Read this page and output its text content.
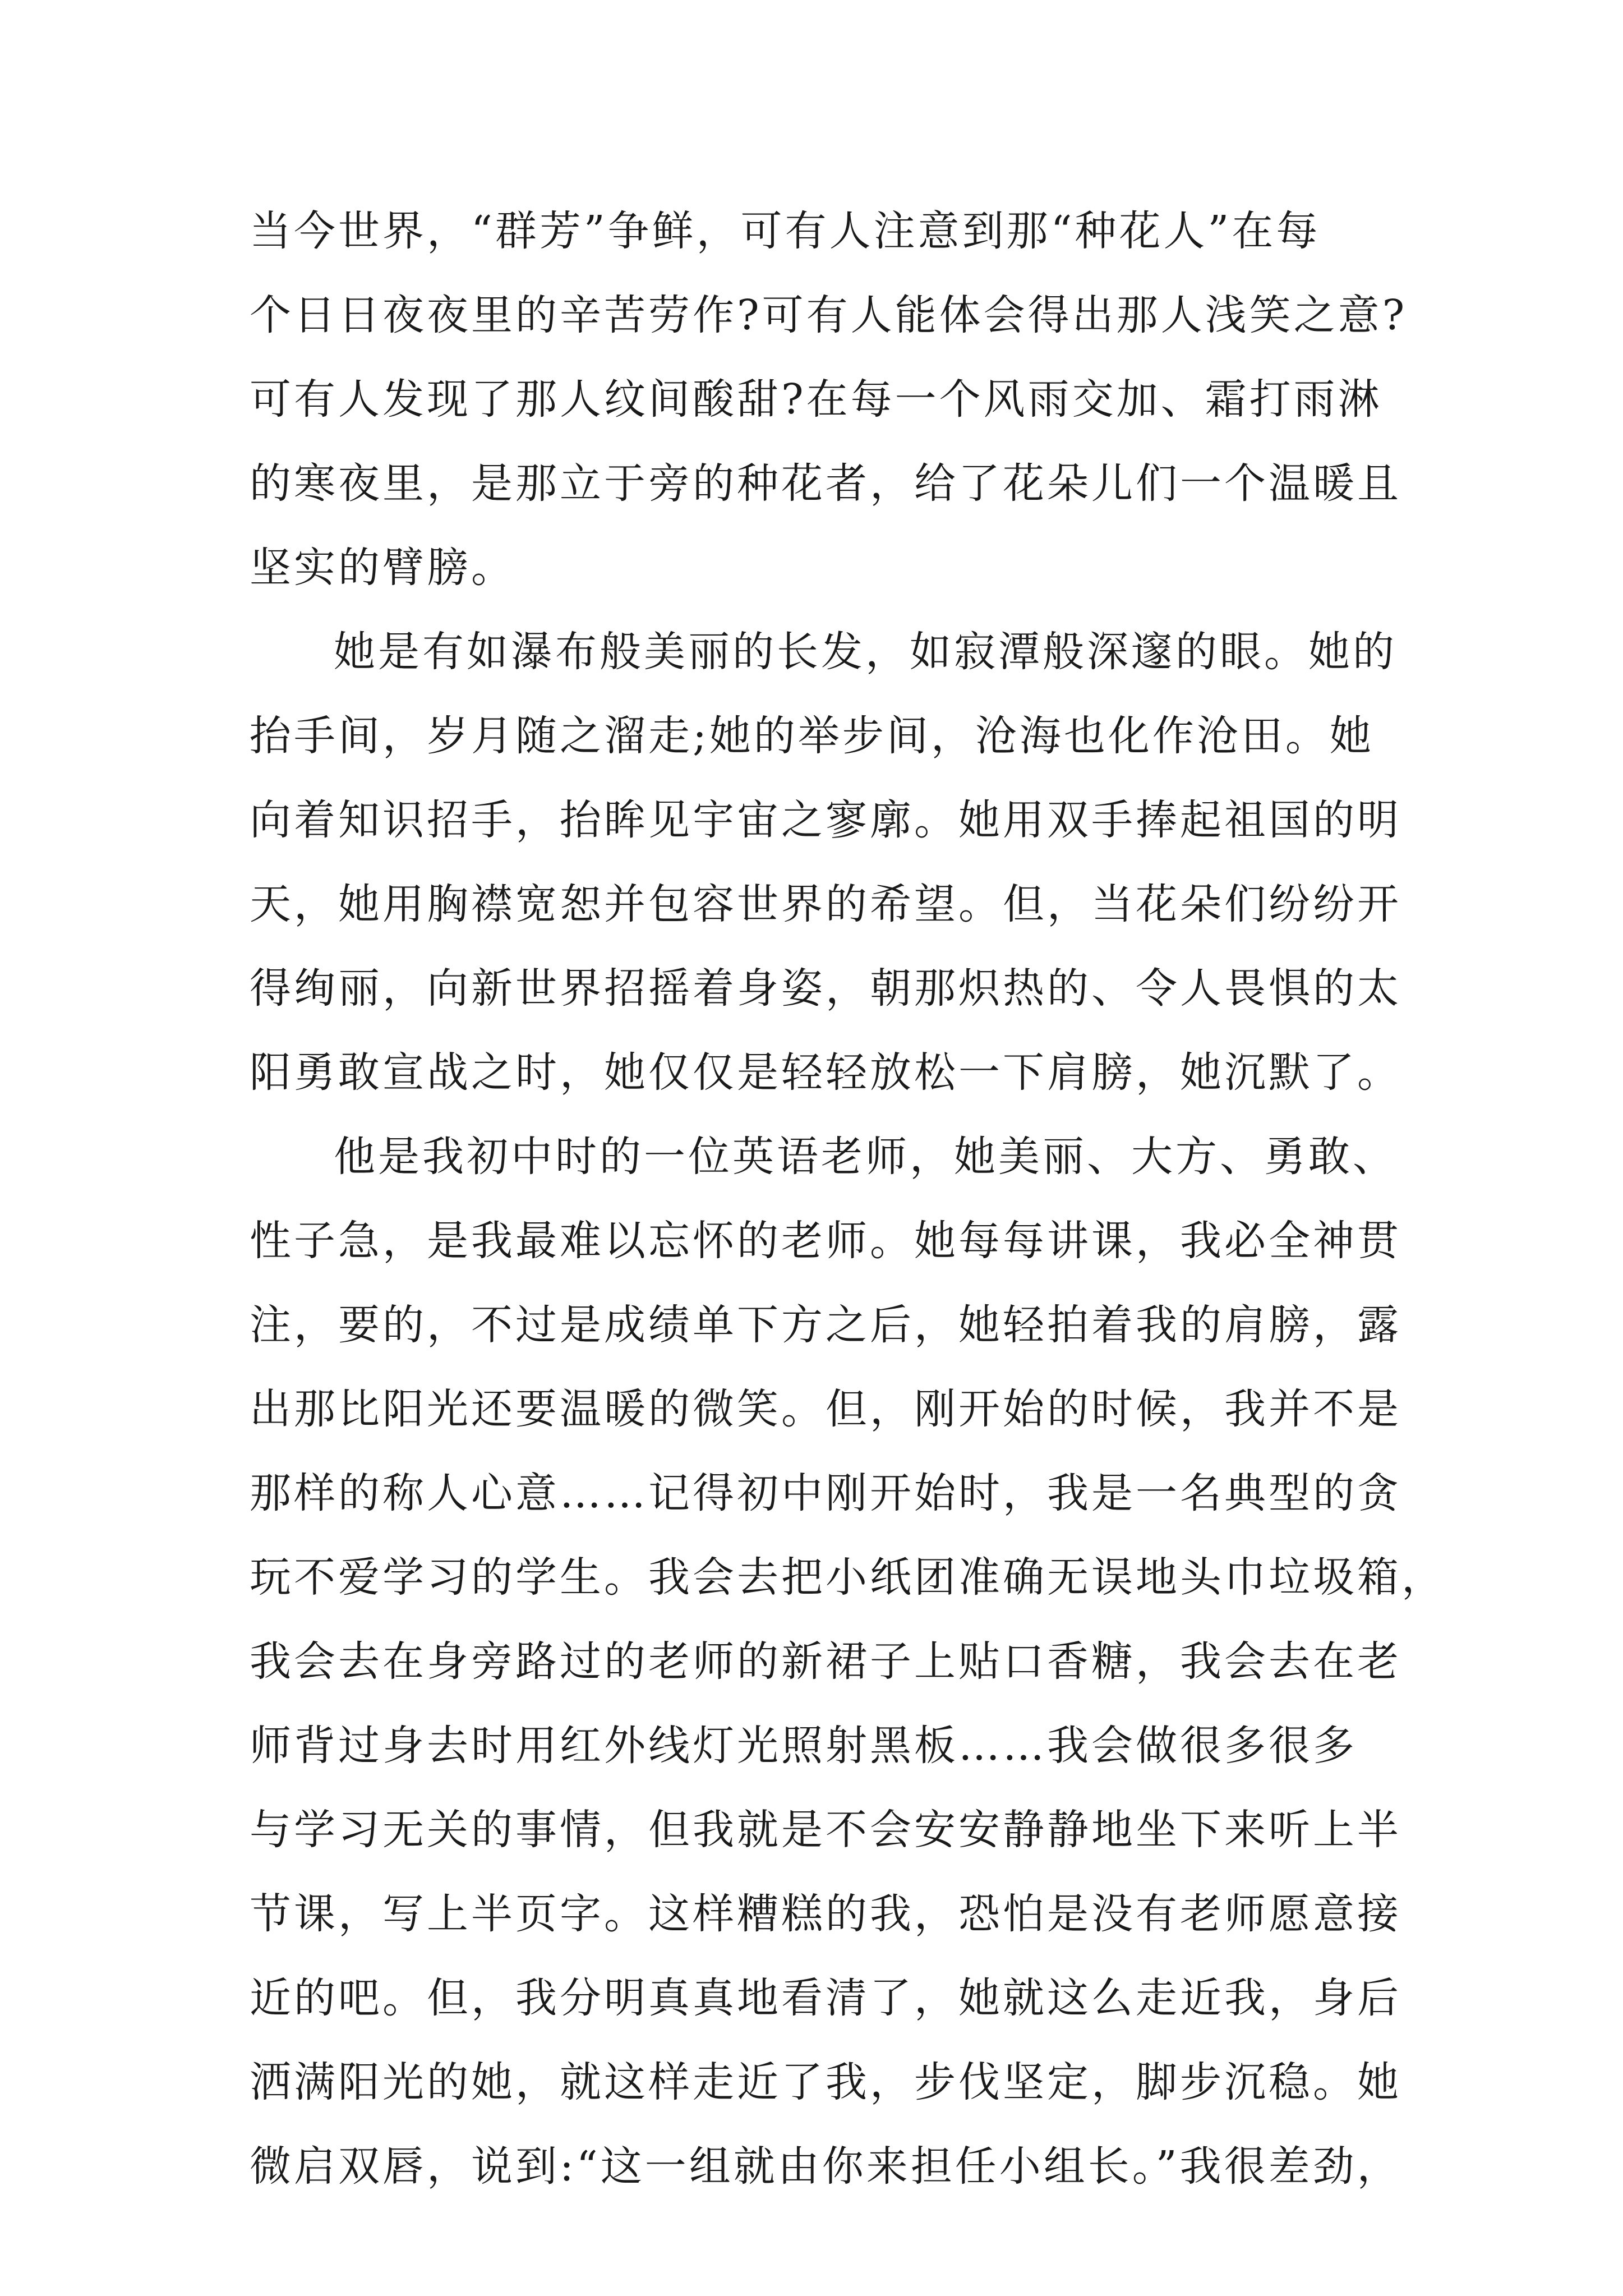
当今世界，“群芳”争鲜，可有人注意到那“种花人”在每
个日日夜夜里的辛苦劳作?可有人能体会得出那人浅笑之意?
可有人发现了那人纹间酸甜?在每一个风雨交加、霜打雨淋
的寒夜里，是那立于旁的种花者，给了花朵儿们一个温暖且
坚实的臂膀。
她是有如瀑布般美丽的长发，如寂潭般深邃的眼。她的
抬手间，岁月随之溜走;她的举步间，沧海也化作沧田。她
向着知识招手，抬眸见宇宙之寥廓。她用双手捧起祖国的明
天，她用胸襟宽恕并包容世界的希望。但，当花朵们纷纷开
得绚丽，向新世界招摇着身姿，朝那炽热的、令人畏惧的太
阳勇敢宣战之时，她仅仅是轻轻放松一下肩膀，她沉默了。
他是我初中时的一位英语老师，她美丽、大方、勇敢、
性子急，是我最难以忘怀的老师。她每每讲课，我必全神贯
注，要的，不过是成绩单下方之后，她轻拍着我的肩膀，露
出那比阳光还要温暖的微笑。但，刚开始的时候，我并不是
那样的称人心意……记得初中刚开始时，我是一名典型的贪
玩不爱学习的学生。我会去把小纸团准确无误地头巾垃圾箱，
我会去在身旁路过的老师的新裙子上贴口香糖，我会去在老
师背过身去时用红外线灯光照射黑板……我会做很多很多
与学习无关的事情，但我就是不会安安静静地坐下来听上半
节课，写上半页字。这样糟糕的我，恐怕是没有老师愿意接
近的吧。但，我分明真真地看清了，她就这么走近我，身后
洒满阳光的她，就这样走近了我，步伐坚定，脚步沉稳。她
微启双唇，说到:“这一组就由你来担任小组长。”我很差劲，
